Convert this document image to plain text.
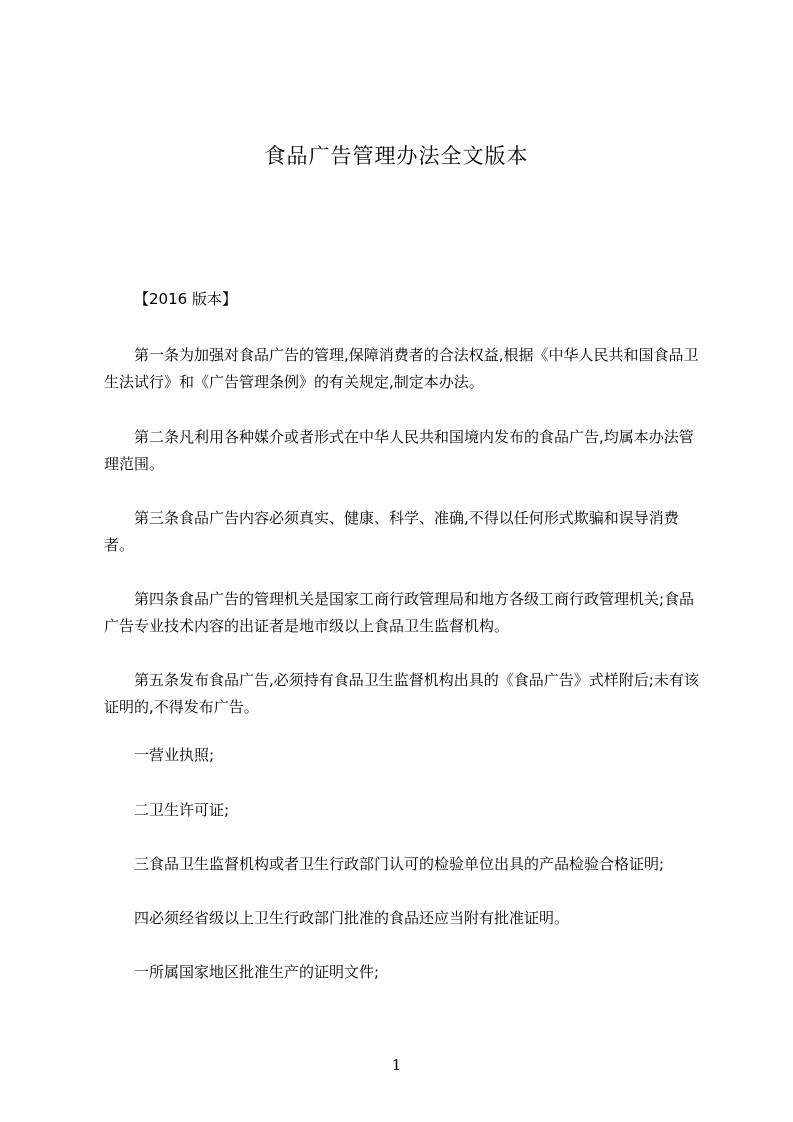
食品广告管理办法全文版本
【2016 版本】
第一条为加强对食品广告的管理,保障消费者的合法权益,根据《中华人民共和国食品卫生法试行》和《广告管理条例》的有关规定,制定本办法。
第二条凡利用各种媒介或者形式在中华人民共和国境内发布的食品广告,均属本办法管理范围。
第三条食品广告内容必须真实、健康、科学、准确,不得以任何形式欺骗和误导消费者。
第四条食品广告的管理机关是国家工商行政管理局和地方各级工商行政管理机关;食品广告专业技术内容的出证者是地市级以上食品卫生监督机构。
第五条发布食品广告,必须持有食品卫生监督机构出具的《食品广告》式样附后;未有该证明的,不得发布广告。
一营业执照;
二卫生许可证;
三食品卫生监督机构或者卫生行政部门认可的检验单位出具的产品检验合格证明;
四必须经省级以上卫生行政部门批准的食品还应当附有批准证明。
一所属国家地区批准生产的证明文件;
1
